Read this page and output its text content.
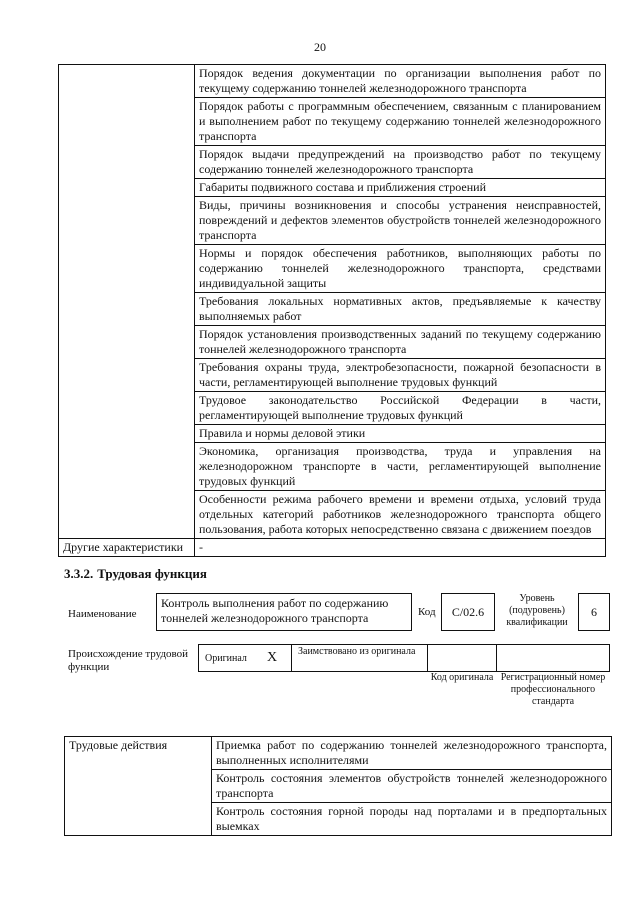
20
	Порядок ведения документации по организации выполнения работ по текущему содержанию тоннелей железнодорожного транспорта
	Порядок работы с программным обеспечением, связанным с планированием и выполнением работ по текущему содержанию тоннелей железнодорожного транспорта
	Порядок выдачи предупреждений на производство работ по текущему содержанию тоннелей железнодорожного транспорта
	Габариты подвижного состава и приближения строений
	Виды, причины возникновения и способы устранения неисправностей, повреждений и дефектов элементов обустройств тоннелей железнодорожного транспорта
	Нормы и порядок обеспечения работников, выполняющих работы по содержанию тоннелей железнодорожного транспорта, средствами индивидуальной защиты
	Требования локальных нормативных актов, предъявляемые к качеству выполняемых работ
	Порядок установления производственных заданий по текущему содержанию тоннелей железнодорожного транспорта
	Требования охраны труда, электробезопасности, пожарной безопасности в части, регламентирующей выполнение трудовых функций
	Трудовое законодательство Российской Федерации в части, регламентирующей выполнение трудовых функций
	Правила и нормы деловой этики
	Экономика, организация производства, труда и управления на железнодорожном транспорте в части, регламентирующей выполнение трудовых функций
	Особенности режима рабочего времени и времени отдыха, условий труда отдельных категорий работников железнодорожного транспорта общего пользования, работа которых непосредственно связана с движением поездов
Другие характеристики	-
3.3.2. Трудовая функция
Наименование
Контроль выполнения работ по содержанию тоннелей железнодорожного транспорта	Код	С/02.6
Уровень (подуровень) квалификации
6
Происхождение трудовой функции
Оригинал X	Заимствовано из оригинала
Код оригинала Регистрационный номер профессионального стандарта
Трудовые действия	Приемка работ по содержанию тоннелей железнодорожного транспорта, выполненных исполнителями
Контроль состояния элементов обустройств тоннелей железнодорожного транспорта
Контроль состояния горной породы над порталами и в предпортальных выемках
